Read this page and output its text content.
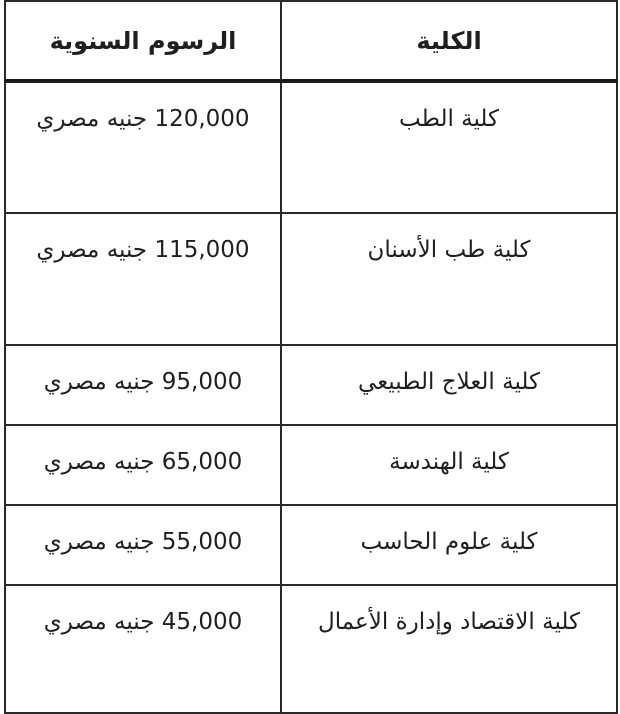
الكلية	الرسوم السنوية
كلية الطب	120,000 جنيه مصري
كلية طب الأسنان	115,000 جنيه مصري
كلية العلاج الطبيعي	95,000 جنيه مصري
كلية الهندسة	65,000 جنيه مصري
كلية علوم الحاسب	55,000 جنيه مصري
كلية الاقتصاد وإدارة الأعمال	45,000 جنيه مصري
